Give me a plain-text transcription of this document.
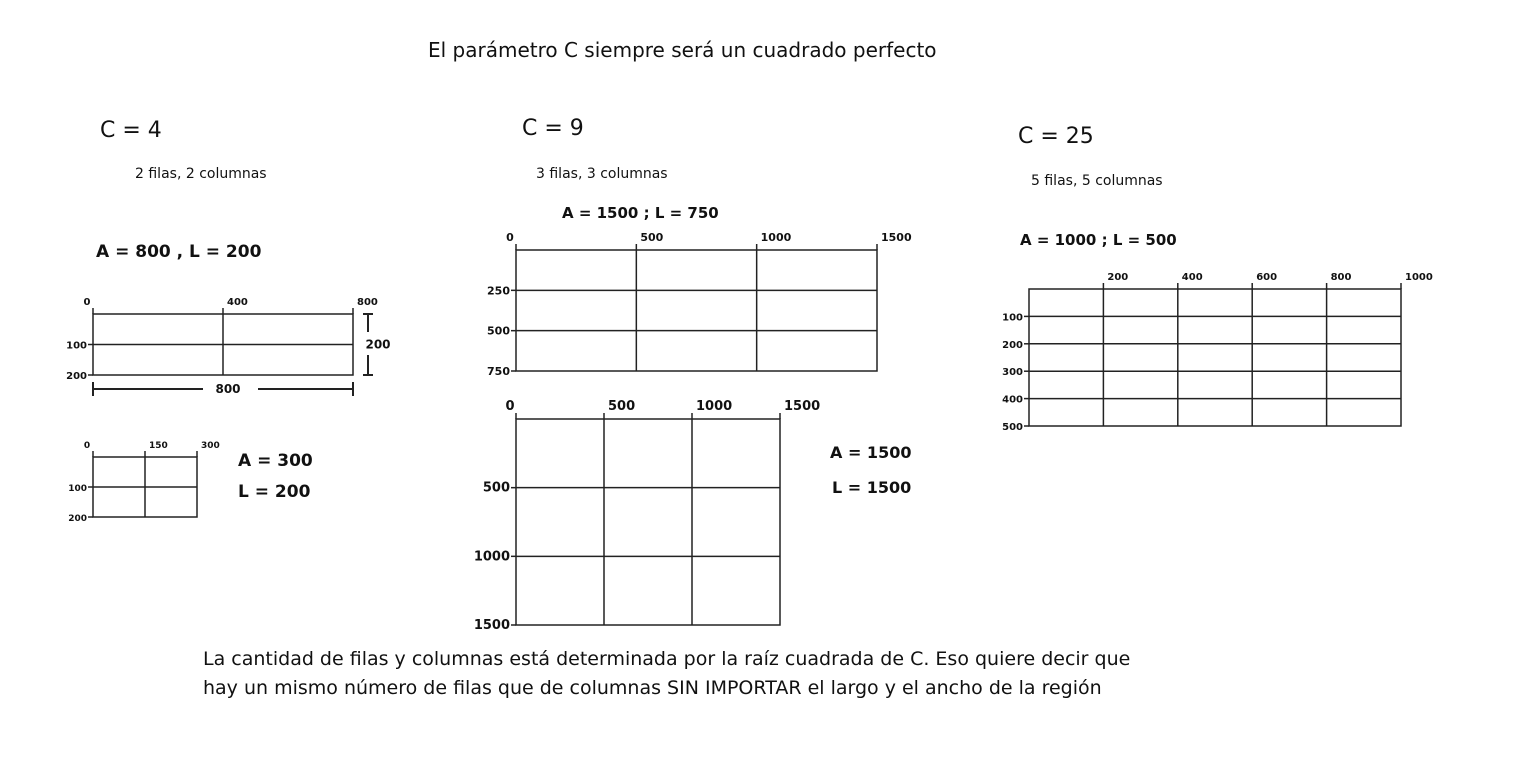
El parámetro C siempre será un cuadrado perfecto
C = 4
2 filas, 2 columnas
C = 9
3 filas, 3 columnas
C = 25
5 filas, 5 columnas
A = 800 , L = 200
A = 300
L = 200
A = 1500 ; L = 750
A = 1500
L = 1500
A = 1000 ; L = 500
0	400	800
100
200
800
200
0	150	300
100
200
0	500	1000	1500
250
500
750
0	500	1000	1500
500
1000
1500
200	400	600	800	1000
100
200
300
400
500
La cantidad de filas y columnas está determinada por la raíz cuadrada de C. Eso quiere decir que
hay un mismo número de filas que de columnas SIN IMPORTAR el largo y el ancho de la región
